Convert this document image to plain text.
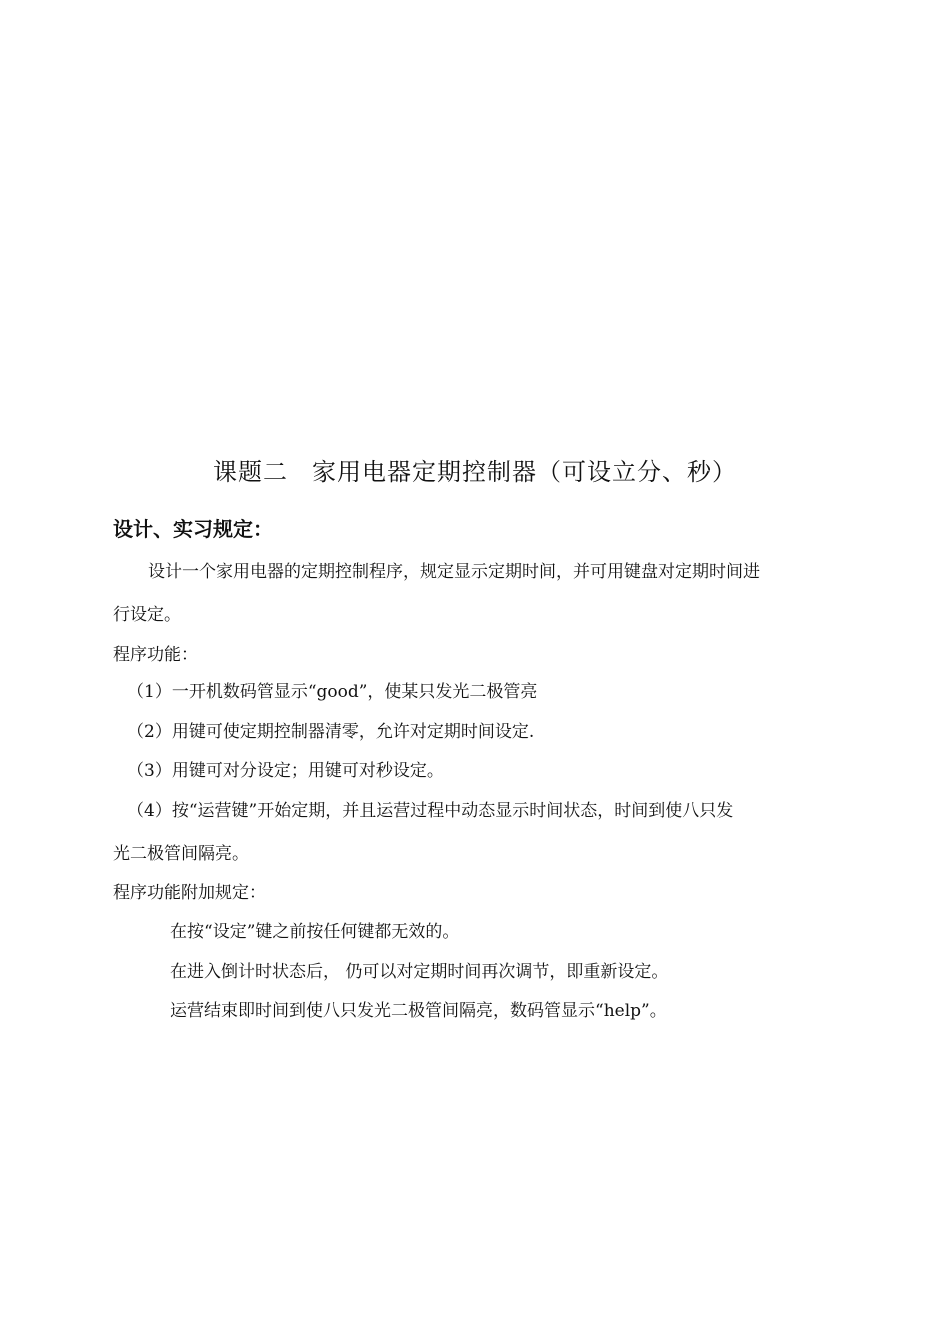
课题二 家用电器定期控制器（可设立分、秒）
设计、实习规定：
设计一个家用电器的定期控制程序，规定显示定期时间，并可用键盘对定期时间进
行设定。
程序功能：
（1）一开机数码管显示“good”，使某只发光二极管亮
（2）用键可使定期控制器清零，允许对定期时间设定.
（3）用键可对分设定；用键可对秒设定。
（4）按“运营键”开始定期，并且运营过程中动态显示时间状态，时间到使八只发
光二极管间隔亮。
程序功能附加规定：
在按“设定”键之前按任何键都无效的。
在进入倒计时状态后， 仍可以对定期时间再次调节，即重新设定。
运营结束即时间到使八只发光二极管间隔亮，数码管显示“help”。
